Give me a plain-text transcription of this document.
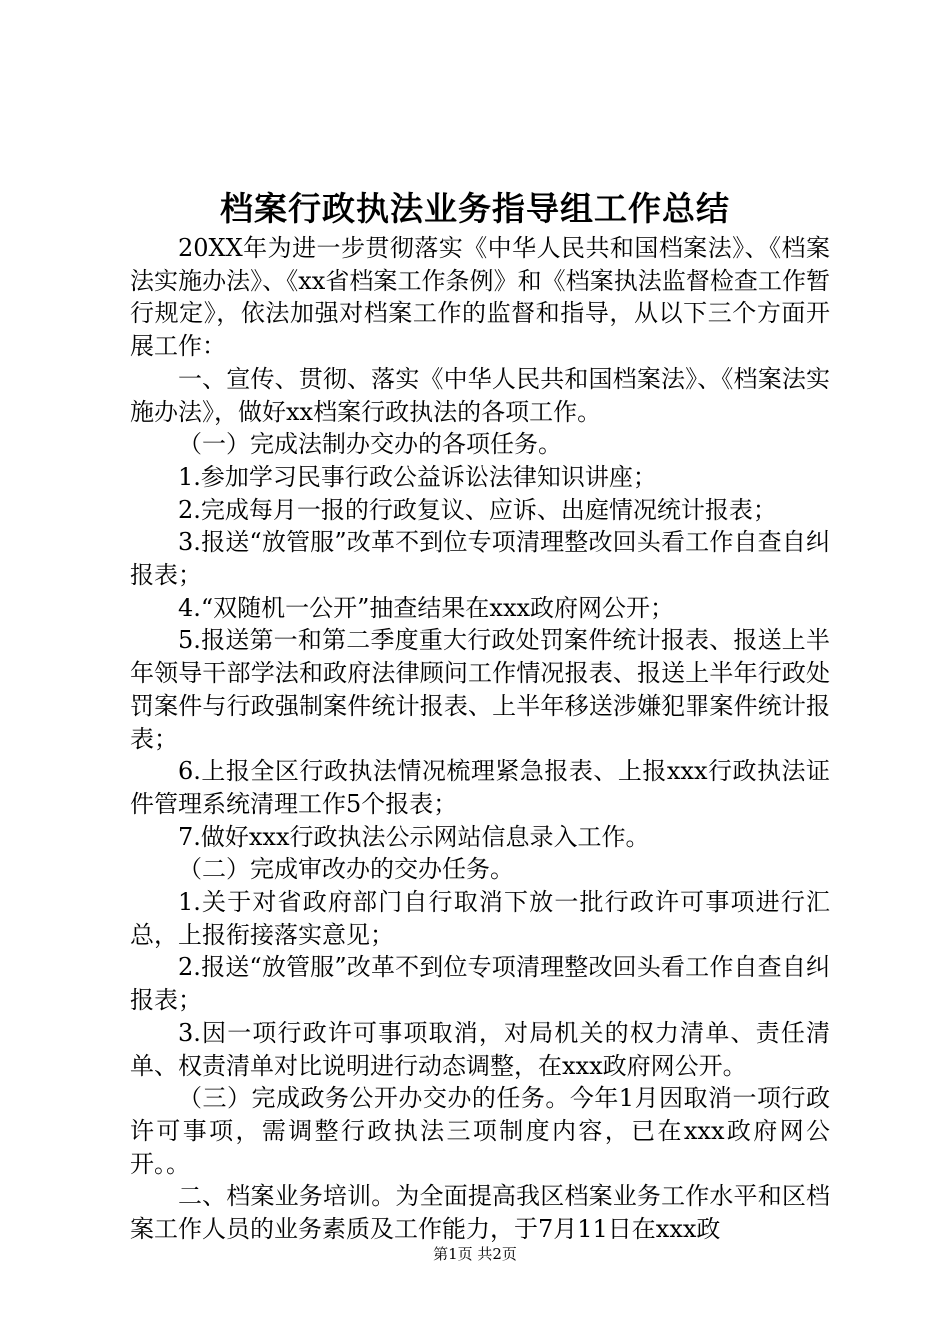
档案行政执法业务指导组工作总结

20XX年为进一步贯彻落实《中华人民共和国档案法》、《档案法实施办法》、《xx省档案工作条例》和《档案执法监督检查工作暂行规定》，依法加强对档案工作的监督和指导，从以下三个方面开展工作：

一、宣传、贯彻、落实《中华人民共和国档案法》、《档案法实施办法》，做好xx档案行政执法的各项工作。

（一）完成法制办交办的各项任务。

1.参加学习民事行政公益诉讼法律知识讲座；

2.完成每月一报的行政复议、应诉、出庭情况统计报表；

3.报送“放管服”改革不到位专项清理整改回头看工作自查自纠报表；

4.“双随机一公开”抽查结果在xxx政府网公开；

5.报送第一和第二季度重大行政处罚案件统计报表、报送上半年领导干部学法和政府法律顾问工作情况报表、报送上半年行政处罚案件与行政强制案件统计报表、上半年移送涉嫌犯罪案件统计报表；

6.上报全区行政执法情况梳理紧急报表、上报xxx行政执法证件管理系统清理工作5个报表；

7.做好xxx行政执法公示网站信息录入工作。

（二）完成审改办的交办任务。

1.关于对省政府部门自行取消下放一批行政许可事项进行汇总，上报衔接落实意见；

2.报送“放管服”改革不到位专项清理整改回头看工作自查自纠报表；

3.因一项行政许可事项取消，对局机关的权力清单、责任清单、权责清单对比说明进行动态调整，在xxx政府网公开。

（三）完成政务公开办交办的任务。今年1月因取消一项行政许可事项，需调整行政执法三项制度内容，已在xxx政府网公开。。

二、档案业务培训。为全面提高我区档案业务工作水平和区档案工作人员的业务素质及工作能力，于7月11日在xxx政

第1页 共2页
